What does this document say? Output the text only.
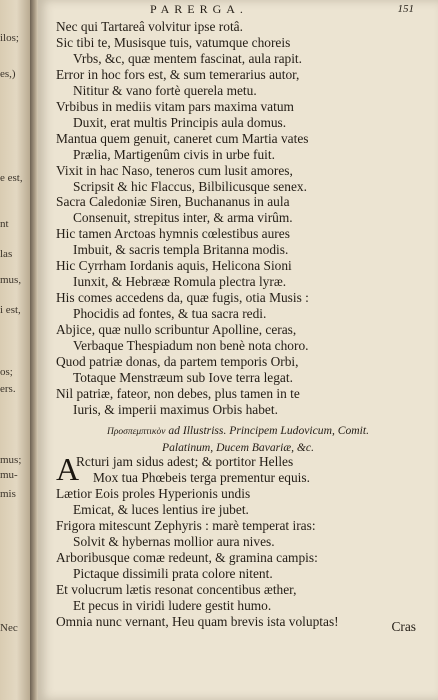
ilos;
es,)
e est,
nt
las
mus,
i est,
os;
ers.
mus;
mu-
mis
Nec
PARERGA.	151
Nec qui Tartareâ volvitur ipse rotâ.
Sic tibi te, Musisque tuis, vatumque choreis
Vrbs, &c, quæ mentem fascinat, aula rapit.
Error in hoc fors est, & sum temerarius autor,
Nititur & vano fortè querela metu.
Vrbibus in mediis vitam pars maxima vatum
Duxit, erat multis Principis aula domus.
Mantua quem genuit, caneret cum Martia vates
Prælia, Martigenûm civis in urbe fuit.
Vixit in hac Naso, teneros cum lusit amores,
Scripsit & hic Flaccus, Bilbilicusque senex.
Sacra Caledoniæ Siren, Buchananus in aula
Consenuit, strepitus inter, & arma virûm.
Hic tamen Arctoas hymnis cœlestibus aures
Imbuit, & sacris templa Britanna modis.
Hic Cyrrham Iordanis aquis, Helicona Sioni
Iunxit, & Hebrææ Romula plectra lyræ.
His comes accedens da, quæ fugis, otia Musis :
Phocidis ad fontes, & tua sacra redi.
Abjice, quæ nullo scribuntur Apolline, ceras,
Verbaque Thespiadum non benè nota choro.
Quod patriæ donas, da partem temporis Orbi,
Totaque Menstræum sub Iove terra legat.
Nil patriæ, fateor, non debes, plus tamen in te
Iuris, & imperii maximus Orbis habet.
Προσπεμπτικὸν ad Illustriss. Principem Ludovicum, Comit.
Palatinum, Ducem Bavariæ, &c.
A
Rcturi jam sidus adest; & portitor Helles
Mox tua Phœbeis terga prementur equis.
Lætior Eois proles Hyperionis undis
Emicat, & luces lentius ire jubet.
Frigora mitescunt Zephyris : marè temperat iras:
Solvit & hybernas mollior aura nives.
Arboribusque comæ redeunt, & gramina campis:
Pictaque dissimili prata colore nitent.
Et volucrum lætis resonat concentibus æther,
Et pecus in viridi ludere gestit humo.
Omnia nunc vernant, Heu quam brevis ista voluptas!	Cras
